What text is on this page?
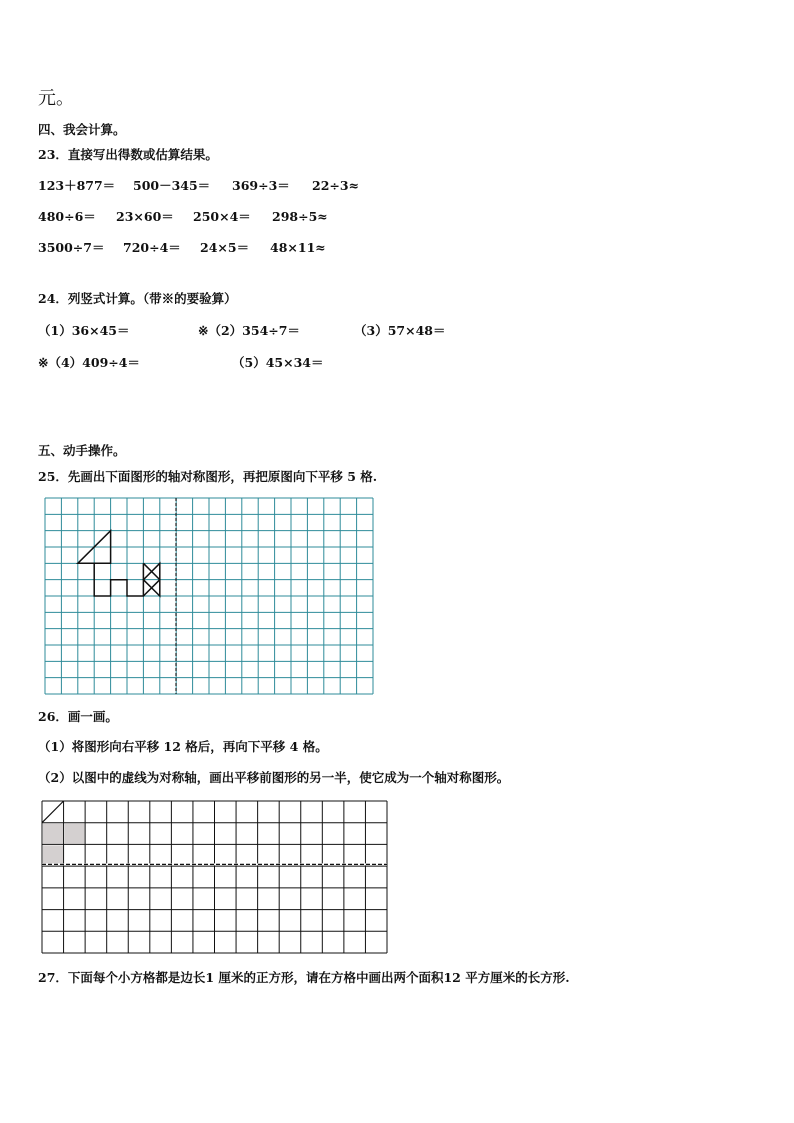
元。
四、我会计算。
23．直接写出得数或估算结果。
123＋877＝ 500－345＝ 369÷3＝ 22÷3≈
480÷6＝ 23×60＝ 250×4＝ 298÷5≈
3500÷7＝ 720÷4＝ 24×5＝ 48×11≈
24．列竖式计算。（带※的要验算）
（1）36×45＝	※（2）354÷7＝	（3）57×48＝
※（4）409÷4＝	（5）45×34＝
五、动手操作。
25．先画出下面图形的轴对称图形，再把原图向下平移 5 格.
26．画一画。
（1）将图形向右平移 12 格后，再向下平移 4 格。
（2）以图中的虚线为对称轴，画出平移前图形的另一半，使它成为一个轴对称图形。
27．下面每个小方格都是边长1 厘米的正方形，请在方格中画出两个面积12 平方厘米的长方形.
